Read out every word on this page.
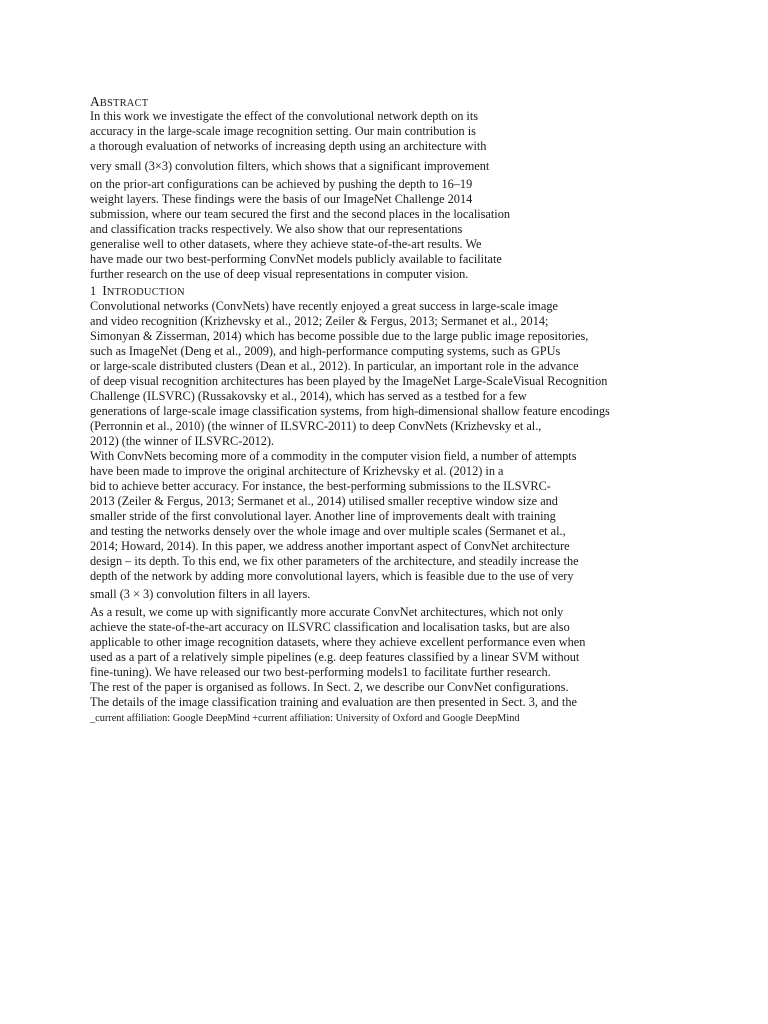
ABSTRACT
In this work we investigate the effect of the convolutional network depth on its
accuracy in the large-scale image recognition setting. Our main contribution is
a thorough evaluation of networks of increasing depth using an architecture with
very small (3×3) convolution filters, which shows that a significant improvement
on the prior-art configurations can be achieved by pushing the depth to 16–19
weight layers. These findings were the basis of our ImageNet Challenge 2014
submission, where our team secured the first and the second places in the localisation
and classification tracks respectively. We also show that our representations
generalise well to other datasets, where they achieve state-of-the-art results. We
have made our two best-performing ConvNet models publicly available to facilitate
further research on the use of deep visual representations in computer vision.
1 INTRODUCTION
Convolutional networks (ConvNets) have recently enjoyed a great success in large-scale image
and video recognition (Krizhevsky et al., 2012; Zeiler & Fergus, 2013; Sermanet et al., 2014;
Simonyan & Zisserman, 2014) which has become possible due to the large public image repositories,
such as ImageNet (Deng et al., 2009), and high-performance computing systems, such as GPUs
or large-scale distributed clusters (Dean et al., 2012). In particular, an important role in the advance
of deep visual recognition architectures has been played by the ImageNet Large-ScaleVisual Recognition
Challenge (ILSVRC) (Russakovsky et al., 2014), which has served as a testbed for a few
generations of large-scale image classification systems, from high-dimensional shallow feature encodings
(Perronnin et al., 2010) (the winner of ILSVRC-2011) to deep ConvNets (Krizhevsky et al.,
2012) (the winner of ILSVRC-2012).
With ConvNets becoming more of a commodity in the computer vision field, a number of attempts
have been made to improve the original architecture of Krizhevsky et al. (2012) in a
bid to achieve better accuracy. For instance, the best-performing submissions to the ILSVRC-
2013 (Zeiler & Fergus, 2013; Sermanet et al., 2014) utilised smaller receptive window size and
smaller stride of the first convolutional layer. Another line of improvements dealt with training
and testing the networks densely over the whole image and over multiple scales (Sermanet et al.,
2014; Howard, 2014). In this paper, we address another important aspect of ConvNet architecture
design – its depth. To this end, we fix other parameters of the architecture, and steadily increase the
depth of the network by adding more convolutional layers, which is feasible due to the use of very
small (3 × 3) convolution filters in all layers.
As a result, we come up with significantly more accurate ConvNet architectures, which not only
achieve the state-of-the-art accuracy on ILSVRC classification and localisation tasks, but are also
applicable to other image recognition datasets, where they achieve excellent performance even when
used as a part of a relatively simple pipelines (e.g. deep features classified by a linear SVM without
fine-tuning). We have released our two best-performing models1 to facilitate further research.
The rest of the paper is organised as follows. In Sect. 2, we describe our ConvNet configurations.
The details of the image classification training and evaluation are then presented in Sect. 3, and the
_current affiliation: Google DeepMind +current affiliation: University of Oxford and Google DeepMind
